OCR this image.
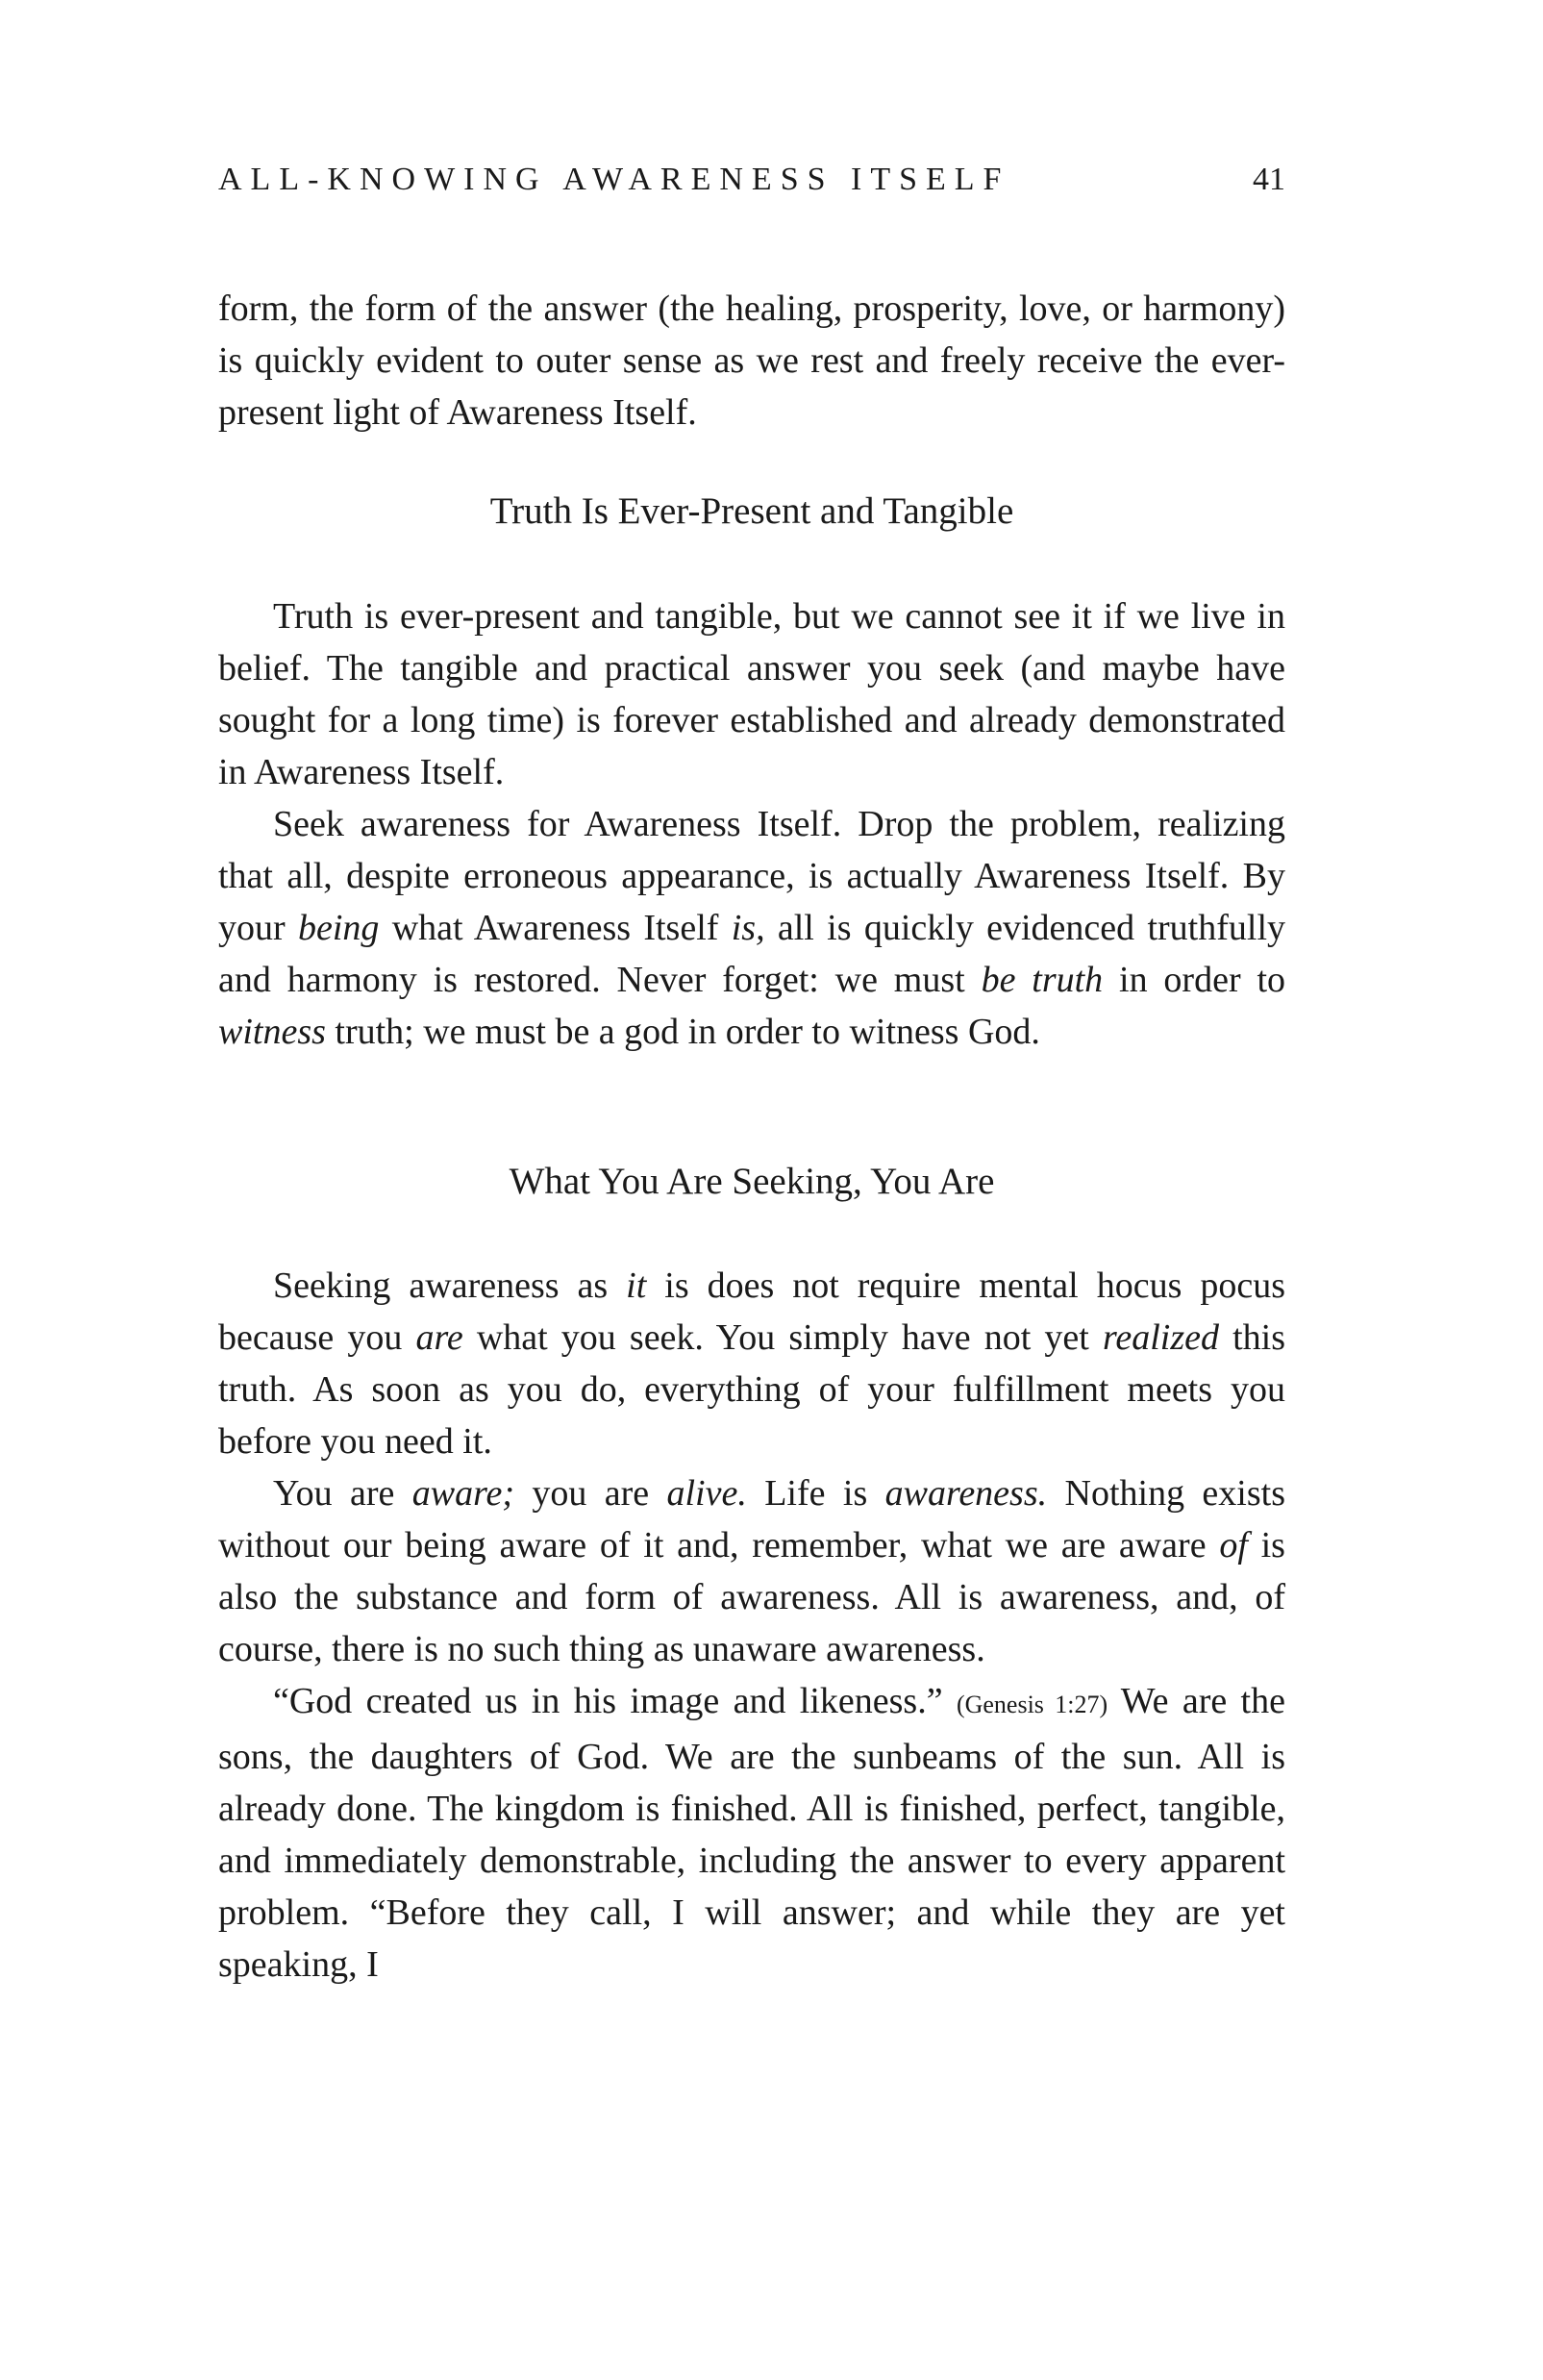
ALL-KNOWING AWARENESS ITSELF	41

form, the form of the answer (the healing, prosperity, love, or harmony) is quickly evident to outer sense as we rest and freely receive the ever-present light of Awareness Itself.

Truth Is Ever-Present and Tangible

Truth is ever-present and tangible, but we cannot see it if we live in belief. The tangible and practical answer you seek (and maybe have sought for a long time) is forever established and already demonstrated in Awareness Itself.

Seek awareness for Awareness Itself. Drop the problem, realizing that all, despite erroneous appearance, is actually Awareness Itself. By your being what Awareness Itself is, all is quickly evidenced truthfully and harmony is restored. Never forget: we must be truth in order to witness truth; we must be a god in order to witness God.

What You Are Seeking, You Are

Seeking awareness as it is does not require mental hocus pocus because you are what you seek. You simply have not yet realized this truth. As soon as you do, everything of your fulfillment meets you before you need it.

You are aware; you are alive. Life is awareness. Nothing exists without our being aware of it and, remember, what we are aware of is also the substance and form of awareness. All is awareness, and, of course, there is no such thing as unaware awareness.

“God created us in his image and likeness.” (Genesis 1:27) We are the sons, the daughters of God. We are the sunbeams of the sun. All is already done. The kingdom is finished. All is finished, perfect, tangible, and immediately demonstrable, including the answer to every apparent problem. “Before they call, I will answer; and while they are yet speaking, I
